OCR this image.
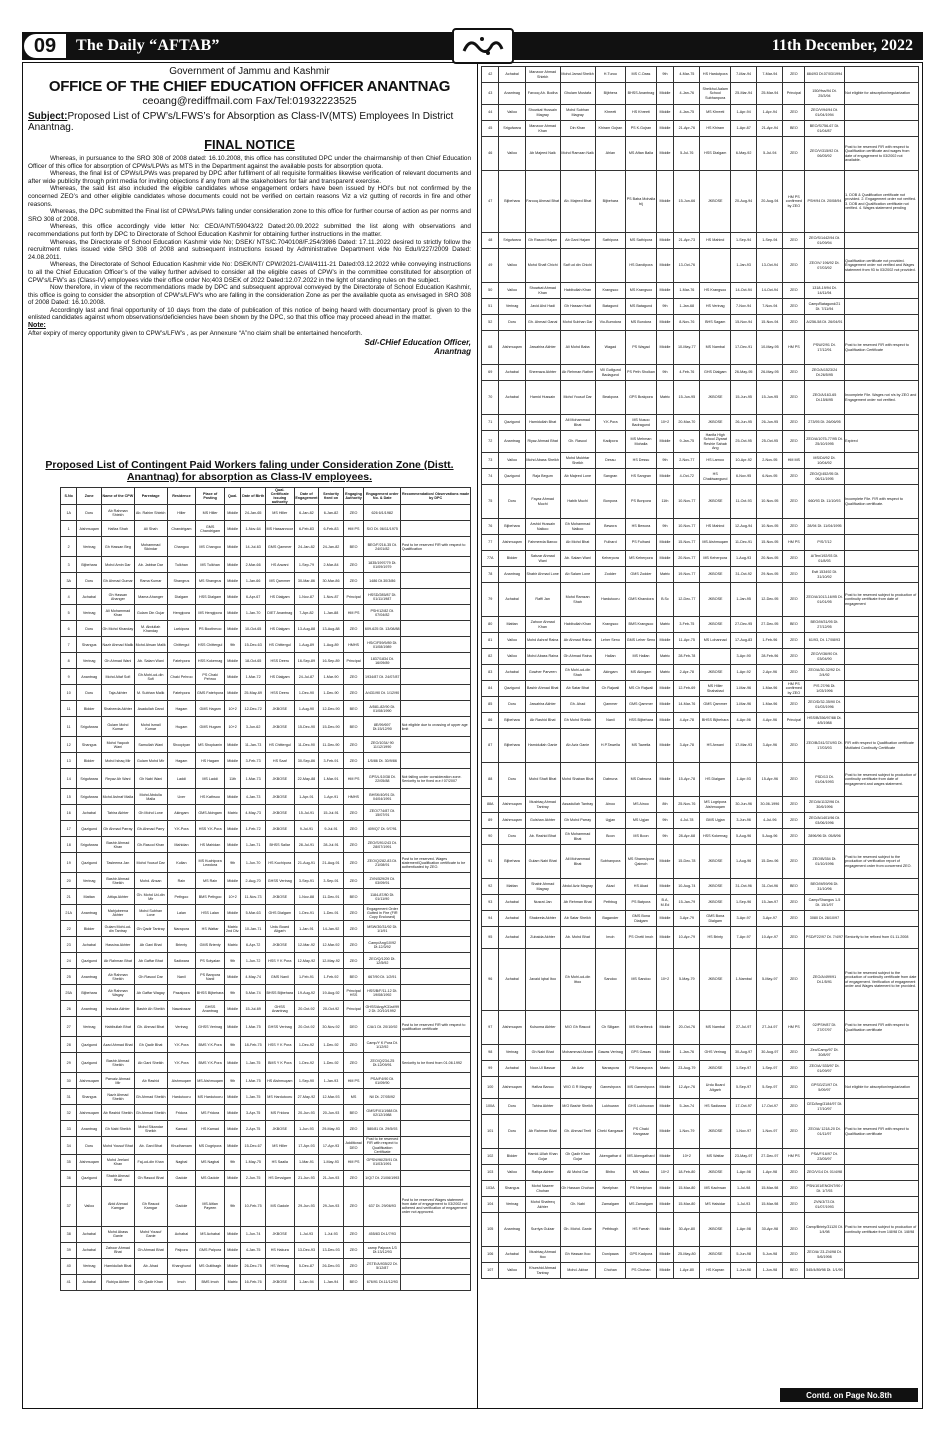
09	The Daily “AFTAB”	11th December, 2022
Government of Jammu and Kashmir
OFFICE OF THE CHIEF EDUCATION OFFICER ANANTNAG
ceoang@rediffmail.com Fax/Tel:01932223525
Subject:Proposed List of CPW’s/LFWS’s for Absorption as Class-IV(MTS) Employees In District Anantnag.
FINAL NOTICE
Whereas, in pursuance to the SRO 308 of 2008 dated: 16.10.2008, this office has constituted DPC under the chairmanship of then Chief Education Officer of this office for absorption of CPWs/LPWs as MTS in the Department against the available posts for absorption quota.
Whereas, the final list of CPWs/LPWs was prepared by DPC after fulfilment of all requisite formalities likewise verification of relevant documents and after wide publicity through print media for inviting objections if any from all the stakeholders for fair and transparent exercise.
Whereas, the said list also included the eligible candidates whose engagement orders have been issued by HOI’s but not confirmed by the concerned ZEO’s and other eligible candidates whose documents could not be verified on certain reasons Viz a viz gutting of records in fire and other reasons.
Whereas, the DPC submitted the Final list of CPWs/LPWs falling under consideration zone to this office for further course of action as per norms and SRO 308 of 2008.
Whereas, this office accordingly vide letter No: CEO/A/NT/59043/22 Dated:20.09.2022 submitted the list along with observations and recommendations put forth by DPC to Directorate of School Education Kashmir for obtaining further instructions in the matter.
Whereas, the Directorate of School Education Kashmir vide No; DSEK/ NTS/C.7040108/F.254/3986 Dated: 17.11.2022 desired to strictly follow the recruitment rules issued vide SRO 308 of 2008 and subsequent instructions issued by Administrative Department vide No Edu/I/227/2009 Dated: 24.08.2011.
Whereas, the Directorate of School Education Kashmir vide No: DSEK/NT/ CPW/2021-C/All/4111-21 Dated:03.12.2022 while conveying instructions to all the Chief Education Officer’s of the valley further advised to consider all the eligible cases of CPW’s in the committee constituted for absorption of CPW’s/LFW’s as (Class-IV) employees vide their office order No;403 DSEK of 2022 Dated:12.07.2022 in the light of standing rules on the subject.
Now therefore, in view of the recommendations made by DPC and subsequent approval conveyed by the Directorate of School Education Kashmir, this office is going to consider the absorption of CPW’s/LFW’s who are falling in the consideration Zone as per the available quota as envisaged in SRO 308 of 2008 Dated: 16.10.2008.
Accordingly last and final opportunity of 10 days from the date of publication of this notice of being heard with documentary proof is given to the enlisted candidates against whom observations/deficiencies have been shown by the DPC, so that this office may proceed ahead in the matter.
Note:
After expiry of mercy opportunity given to CPW’s/LFW’s , as per Annexure “A”no claim shall be entertained henceforth.
Sd/-CHief Education Officer,
Anantnag
Proposed List of Contingent Paid Workers faling under Consideration Zone (Distt. Anantnag) for absorption as Class-IV employees.
S.No	Zone	Name of the CPW	Parentage	Residence	Place of Posting	Qual.	Date of Birth	Qual. Certificate issuing authority	Date of Engagement	Seniority fixed on	Engaging Authority	Engagement order No. & Date	Recommendation/ Observations made by DPC
1A	Doru	Ab Rahman Shiekh	Ab. Rahim Shiekh	Hiller	MS Hiller	Middle	24-Jan-65	MS Hiller	6-Jan-82	6-Jan-82	ZEO	626 6/1/1982	
1	Aishmuqam	Hafiza Shah	Ali Shah	Chandrigam	GMS Chandrigam	Middle	1-Nov-64	MS Hassannoor	6-Feb-83	6-Feb-83	HM PS	S/O Dt. 06/11/1975	
2	Verinag	Gh Hassan Beg	Mohammad Sikindar	Changoo	MS Changoo	Middle	14-Jul-63	GMS Qammer	24-Jan-82	24-Jan-82	BEO	BEO/F/216-35 Dt. 24/01/82	Post to be reserved FIR with respect to Qualification
3	Bijbehara	Mohd Amin Dar	Ab. Jabbar Dar	Tulkhan	MS Tulkhan	Middle	2-Mar-66	HS Arwani	1-Sep-79	2-Mar-84	ZEO	1835/1997/79 Dt. 01/09/1979	
3A	Doru	Gh Ahmad Gumar	Rama Kumar	Shangrus	MS Shangrus	Middle	1-Jan-66	MS Qammer	30-Mar-86	30-Mar-86	ZEO	1486 Dt.30/3/86	
4	Achabal	Gh Hassan Ahanger	Mama Ahanger	Dialgam	HSS Dialgam	Middle	6-Apr-67	HS Dialgam	1-Nov-87	1-Nov-87	Principal	HSSD/285/87 Dt. 01/11/1987	
5	Verinag	Ali Mohammad Khan	Gulam Din Gujar	Hengipora	MS Hengipora	Middle	1-Jan-70	DIET Anantnag	7-Apr-82	1-Jan-88	HM PS	PSH/12/82 Dt. 07/04/82	
6	Doru	Gh Mohd Khanday	M. Abdullah Khanday	Larkipora	PS Boothmoo	Middle	10-Oct-65	HS Dialgam	13-Aug-88	13-Aug-88	ZEO	609-625 Dt. 13/08/88	
7	Shangus	Nazir Ahmad Malik	Mohd Ahsan Malik	Chittergul	HSS Chittergul	9th	15-Dec-63	HS Chittergul	1-Aug-89	1-Aug-89	HMHS	HS/C/F59/9/89 Dt. 01/08/1989	
8	Verinag	Gh Ahmad Wani	Ab. Salam Wani	Fatehpora	HSS Kokernag	Middle	18-Oct-65	HSS Deeru	16-Sep-89	16-Sep-89	Principal	1837/1834 Dt. 16/09/89	
9	Anantnag	Mohd Altaf Sofi	Gh.Mohi-ud-din Sofi	Chaki Pehroo	PS Chaki Pehroo	Middle	1-Mar-72	HS Dialgam	24-Jul-87	1-Mar-90	ZEO	1934/87 Dt. 24/07/87	
10	Doru	Taja Akhter	M. Subhan Malik	Fatehpora	GMS Fatehpora	Middle	25-May-69	HSS Deeru	1-Dec-90	1-Dec-90	ZEO	A/431/90 Dt. 1/12/90	
11	Bidder	Shaheeda Akhter	Asadullah Dand	Hagam	GMS Hagam	10+2	12-Dec-72	JKBOSE	1-Aug-90	12-Dec-90	BEO	A/581-82/90 Dt. 01/08/1990	
11	Srigufwara	Gulam Mohd Kumar	Mohd Ismail Kumar	Hugam	GMS Hugam	10+2	3-Jun-62	JKBOSE	15-Dec-90	15-Dec-90	BEO	8E/99/697 Dt.15/12/90	Not eligible due to crossing of upper age limit
12	Shangus	Mohd Yaqoob Wani	Samullah Wani	Shoopiyan	MS Shopkanin	Middle	11-Jan-73	HS Chittergul	11-Dec-90	11-Dec-90	ZEO	ZEO/1034/ 90 11/12/1990	
13	Bidder	Mohd Ishaq Mir	Gulam Mohd Mir	Hagam	HS Hagam	Middle	3-Feb-73	HS Saaf	30-Sep-86	3-Feb-91	ZEO	1/5/86 Dt. 30/9/86	
14	Srigufwara	Reyaz Ah Wani	Gh Nabi Wani	Laddi	MS Laddi	11th	1-Mar-73	JKBOSE	22-May-88	1-Mar-91	HM PS	GPS/L/10/38 Dt. 22/05/88	Not falling under consideration zone. Seniority to be fixed w.e.f 07/2007
15	Srigufwara	Mohd Ashraf Malla	Mohd Abdulla Malla	Uver	HS Kathsoo	Middle	4-Jan-73	JKBOSE	1-Apr-91	1-Apr-91	HMHS	BHSK/40/91 Dt. 04/04/1991	
16	Achabal	Tahira Akhter	Gh Mohd Lone	Akingam	GMS Akingam	Matric	4-May-73	JKBOSE	15-Jul-91	15-Jul-91	ZEO	ZEO/774/87 Dt. 15/07/91	
17	Qazigund	Gh Ahmad Parray	Gh.Ahmad Parry	Y.K.Pora	HSS Y.K.Pora	Middle	1-Feb-72	JKBOSE	9-Jul-91	9-Jul-91	ZEO	409/Q7 Dt. 9/7/91	
18	Srigufwara	Bashir Ahmad Khan	Gh.Rasool Khan	Mahidan	HS Mahidan	Middle	1-Jan-71	BHSS Sallar	28-Jul-91	28-Jul-91	ZEO	ZEO/S/91/243 Dt. 28/07/1991	
19	Qazigund	Tasleema Jan	Mohd Yousuf Dar	Kullan	MS Kuchipora Lewdora	9th	1-Jun-70	HS Kuchipora	21-Aug-91	21-Aug-91	ZEO	ZEO/Q/282-83 Dt. 21/08/91	Post to be reserved. Wages statement/Qualification certificate to be authenticated by ZEO.
20	Verinag	Bashir Ahmad Sheikh	Mohd. Ahsan	Rain	MS Rain	Middle	2-Aug-70	GHSS Verinag	3-Sep-91	3-Sep-91	ZEO	ZVN/529/29 Dt. 03/09/91	
21	Mattan	Attiqa Akhter	Gh. Mohd Ud-din Mir	Pethgoo	BMS Pethgoo	10+2	11-Nov-73	JKBOSE	1-Nov-88	11-Dec-91	BEO	1184-87/80 Dt. 01/11/90	
21A	Anantnag	Mahjubeena Akhter	Mohd Subhan Lone	Lalan	HSS Lalan	Middle	5-Mar-63	GHS Dialgam	1-Dec-91	1-Dec-91	ZEO	Engagement Order Gutted in Fire (FIR Copy Enclosed)	
22	Bidder	Gulam Mohi-ud-din Tantray	Gh Qadir Tantray	Narapora	HS Wattar	Matric 2nd Div.	10-Jan-71	Urdu Board Aligarh	1-Jan-91	14-Jan-92	ZEO	MSW/30/31/92 Dt. 1/1/91	
23	Achabal	Hassina Akhter	Ab Gani Bhat	Brienty	GMS Brienty	Matric	6-Apr-72	JKBOSE	12-Mar-92	12-Mar-92	ZEO	Camp/Ang/10/92 Dt.12/3/92	
24	Qazigund	Ab Rahman Bhat	Ab Gaffar Bhat	Sadiwara	PS Sotyalan	9th	1-Jun-72	HSS Y K Pora	12-May-92	12-May-92	ZEO	ZEO/Q/1200 Dt. 12/5/92	
25	Anantnag	Ab Rahman Sheikh	Gh Rasool Dar	Nanil	PS Banpora Nanil	Middle	4-May-74	GMS Nanil	1-Feb-91	1-Feb-92	BEO	667/90 Dt. 1/2/91	
25A	Bijbehara	Ab Rahman Wagay	Ab Gaffar Wagay	Pazalpora	BHSS Bijbehara	9th	5-Mar-74	BHSS Bijbehara	19-Aug-92	19-Aug-92	Principal HSS	HSS/B/F/11-12 Dt. 19/08/1992	
26	Anantnag	Irshada Akhter	Bashir Ah Sheikh	Nawabazar	GHSS Anantnag	Middle	15-Jul-69	GHSS Anantnag	20-Oct-92	20-Oct-92	Principal	GHSS/Ang/K31st/99 2 Dt. 20/10/1992	
27	Verinag	Habibullah Bhat	Gh. Ahmad Bhat	Verinag	GHSS Verinag	Middle	1-Mar-75	GHSS Verinag	20-Oct-92	30-Nov-92	DEO	C/A/1 Dt. 20/10/92	Post to be reserved FIR with respect to qualification certificate
28	Qazigund	Azad Ahmad Bhat	Gh Qadir Bhat	Y.K.Pora	BMS Y.K.Pora	9th	18-Feb-75	HSS Y K Pora	1-Dec-92	1-Dec-92	ZEO	Camp/Y K Pora Dt. 1/12/92	
29	Qazigund	Bashir Ahmad Sheikh	Ab Gani Sheikh	Y.K.Pora	BMS Y.K.Pora	Middle	1-Jan-75	BMS Y K Pora	1-Dec-92	1-Dec-92	ZEO	ZEO/Q/234-25 Dt.12/09/91	Seniority to be fixed from 01.06.1992
30	Aishmuqam	Parvaiz Ahmad Mir	Ab Rashid	Aishmuqam	MS Aishmuqam	9th	1-Mar-75	HS Aishmuqam	1-Sep-90	1-Jan-93	HM PS	PSA/F4/90 Dt. 01/09/90	
31	Shangus	Nazir Ahmad Sheikh	Gh Ahmad Sheikh	Hardutooru	MS Hardutooru	Middle	1-Jan-75	MS Hardutooru	27-May-92	12-Mar-93	MS	Nil Dt. 27/05/92	
32	Aishmuqam	Ab Rashid Sheikh	Gh Ahmad Sheikh	Fridora	MS Fridora	Middle	3-Apr-75	MS Fridora	20-Jun-93	20-Jun-93	BEO	GMS/F/01/1988 Dt. 02/12/1988	
33	Anantnag	Gh Nabi Sheikh	Mohd Sikandar Sheikh	Kamad	HS Kamad	Middle	2-Apr-75	JKBOSE	1-Jun-93	29-May-93	ZEO	580/81 Dt. 29/5/93	
34	Doru	Mohd Yousuf Bhat	Ab. Gani Bhat	Khudhamam	MS Dogripora	Middle	15-Dec-67	MS Hiller	17-Apr-93	17-Apr-93	Additional DEO	Post to be reserved FIR with respect to Qualification Certificate	
35	Aishmuqam	Mohd Jeelani Khan	Faj-ud-din Khan	Nagbal	MS Nagbal	9th	1-May-75	HS Saaila	1-Mar-91	1-May-93	HM PS	GPSN/96/25/91 Dt. 01/03/1991	
36	Qazigund	Shabir Ahmad Bhat	Gh Rasool Bhat	Gadole	MS Gadole	Middle	2-Jun-75	HS Devsigam	21-Jun-93	21-Jun-93	ZEO	1/Q/7 Dt. 21/06/1993	
37	Vailoo	Abid Ahmad Kamgar	Gh Rasool Kamgar	Gadole	MS Aitlan Payeen	9th	10-Feb-75	MS Gadole	29-Jun-93	29-Jun-93	ZEO	637 Dt. 29/06/93	Post to be reserved Wages statement from date of engagement to 03/2002 not adhered and verification of engagement order not approved.
38	Achabal	Mohd Abass Ganie	Mohd Yousuf Ganie	Achabal	MS Achabal	Middle	1-Jun-74	JKBOSE	1-Jul-93	1-Jul-93	ZEO	455/83 Dt.1/7/93	
39	Achabal	Zahoor Ahmad Bhat	Gh Ahmad Bhat	Palpora	GMS Palpora	Middle	4-Jan-75	HS Hakura	13-Dec-93	13-Dec-93	ZEO	camp Palpora 1/3 Dt.13/12/93	
40	Verinag	Hamidullah Bhat	Ab. Ahad	Khanghund	MS Gutlibagh	Middle	26-Dec-75	HS Verinag	5-Dec-87	26-Dec-93	ZEO	ZSTE/A/935/22 Dt. 5/12/87	
41	Achabal	Rubiya Akhter	Gh Qadir Khan	Imoh	BMS Imoh	Matric	16-Feb-76	JKBOSE	1-Jan-94	1-Jan-94	BEO	676/91 Dt.11/12/93	
42	Achabal	Manzoor Ahmad Shiekh	Mohd Jamal Sheikh	H.Turoo	MS C.Oass	9th	4-Mar-75	HS Hardutpora	7-Mar-94	7-Mar-94	ZEO	884/93 Dt.07/03/1994	
43	Anantnag	Farooq Ah. Bodha	Ghulam Mustafa	Bijbhera	BHSS Anantnag	Middle	4-Jan-76	Sheikhul Aalam School Subhanpora	25-Mar-94	25-Mar-94	Principal	150/Hss/94 Dt. 25/3/94	Not eligible for absorption/regularization
44	Vailoo	Showkat Hussain Magray	Mohd Subhan Magray	Khreeti	HS Khreeti	Middle	4-Jan-75	MS Khreeti	1-Apr-94	1-Apr-94	ZEO	ZEO/V/94/94 Dt. 01/04/1994	
45	Srigufwara	Manzoor Ahmad Khan	Din Khan	Khiram Gojran	PS K.Gojran	Middle	21-Apr-76	HS Khiram	1-Apr-87	21-Apr-94	BEO	BEO/S/756-67 Dt. 01/04/87	
46	Vailoo	Ab Majeed Naik	Mohd Ramzan Naik	Ahlan	MS Aftan Balla	Middle	5-Jul-76	HSS Dialgam	6-May-92	5-Jul-94	ZEO	ZEO/V/315/92 Dt. 06/05/92	Post to be reserved FIR with respect to Qualification certificate and wages from date of engagement to 03/2002 not available.
47	Bijbehara	Farooq Ahmad Bhat	Ab. Majeed Bhat	Bijbehara	PS Baba Mohalla bij	Middle	15-Jun-66	JKBOSE	20-Aug-94	20-Aug-94	HM PS confirmed by ZEO	PSH/94 Dt. 20/08/94	1. DOB & Qualification certificate not provided. 2. Engagement order not verified. 3. DOB and Qualification certificate not verified. 4. Wages statement pending
48	Srigufwara	Gh Rasool Hajam	Ab Gani Hajam	Sathipora	MS Sathipora	Middle	21-Apr-73	HS Mahind	1-Sep-94	1-Sep-94	ZEO	ZEO/S/1442/94 Dt. 01/09/94	
49	Vailoo	Mohd Shafi Chichi	Saif ud din Chichi		HS Dandipora	Middle	13-Oct-76		1-Jan-93	13-Oct-94	ZEO	ZEO/V/ 196/92 Dt. 07/03/92	Qualification certificate not provided. Engagement order not verified and Wages statement from 93 to 03/2002 not provided.
50	Vailoo	Showkat Ahmad Khan	Habibullah Khan	Krangsoo	MS Krangsoo	Middle	1-Mar-76	HS Krangsoo	14-Oct-94	14-Oct-94	ZEO	1318-19/94 Dt. 14/11/94	
51	Verinag	Javid Ahd Hadi	Gh Hassan Hadi	Batagund	MS Batagund	9th	1-Jan-68	HS Verinag	7-Nov-94	7-Nov-94	ZEO	Camp/Batagund/21 Dt. 7/11/94	
52	Doru	Gh. Ahmad Ganai	Mohd Subhan Dar	Vio-Bumdora	MS Bundora	Middle	8-Nov-76	BHS Sagam	15-Nov-94	15-Nov-94	ZEO	A/256-58 Dt. 26/04/91	
68	Aishmuqam	Jawahira Akhter	Ali Mohd Baba	Wagad	PS Wagad	Middle	10-May-77	MS Nambal	17-Dec-91	10-May-95	HM PS	PSW/2/91 Dt. 17/12/91	Post to be reserved FIR with respect to Qualification Certificate
69	Achabal	Sheeraza Akhter	Ab Rehman Rather	Vill Gutlgund Badagund	PS Peth Sholkan	9th	4-Feb-76	GHS Dialgam	26-May-95	26-May-95	ZEO	ZEO/A/1523/24 Dt.26/5/95	
70	Achabal	Hamid Hussain	Mohd Yousuf Dar	Beakpora	GPS Brakpora	Matric	15-Jun-95	JKBOSE	15-Jun-95	15-Jun-95	ZEO	ZEO/A/163-65 Dt.15/6/95	Incomplete File. Wages not n/s by ZEO and Engagement order not verified.
71	Qazigund	Hamidullah Bhat	Ali Mohammad Bhat	Y.K.Pora	MS Nusoo Badragund	10+2	20-Mar-70	JKBOSE	26-Jun-95	26-Jun-95	ZEO	273/95 Dt. 26/06/95	
72	Anantnag	Riyaz Ahmad Bhat	Gh. Rasool	Kadipora	MS Mehman Mohalla	Middle	9-Jan-75	Hanfia High School Ziyarat Reshie Sahab Ang	25-Oct-95	25-Oct-95	ZEO	ZEO/A/1075-77/95 Dt. 25/10/1995	Expired
73	Vailoo	Mohd Abass Sheikh	Mohd Mukhtar Sheikh	Dessu	HS Dessu	9th	2-Nov-77	HS Larnoo	10-Apr-92	2-Nov-95	HM MS	MS/D4/92 Dt. 10/04/92	
74	Qazigund	Raja Begum	Ab Majeed Lone	Sangran	HS Sangran	Middle	4-Oct-72	HS Chakiwangund	6-Nov-95	6-Nov-95	ZEO	ZEO/Q/452/95 Dt. 06/11/1995	
75	Doru	Fayaz Ahmad Muchi	Habib Muchi	Bonpora	PS Bonpora	11th	10-Nov-77	JKBOSE	11-Oct-93	10-Nov-95	ZEO	660/93 Dt. 11/10/93	Incomplete File. FIR with respect to Qualification certificate.
76	Bijbehara	Arshid Hussain Naikoo	Gh Mohammad Naikoo	Bewora	HS Bewora	9th	10-Nov-77	HS Mahind	12-Aug-94	10-Nov-95	ZEO	28/94 Dt. 11/04/1995	
77	Aishmuqam	Fahmeeda Banoo	Ab Mohd Bhat	Fulhard	PS Fulhard	Middle	15-Nov-77	MS Aishmuqam	11-Dec-91	15-Nov-95	HM PS	P/S/7/12	
77A	Bidder	Sabzar Ahmad Wani	Ab. Salam Wani	Keherpora	MS Keherpora	Middle	20-Nov-77	MS Keherpora	1-Aug-93	20-Nov-95	ZEO	A/Ten/192/93 Dt. 01/8/93	
78	Anantnag	Shabir Ahmad Lone	Ab Salam Lone	Zodder	GMS Zodder	Matric	19-Nov-77	JKBOSE	31-Oct-92	29-Nov-95	ZEO	Estt 153492 Dt. 31/10/92	
79	Achabal	Raffi Jan	Mohd Ramzan Shah	Hardutooru	GMS Khandora	B.Sc	12-Dec-77	JKBOSE	1-Jan-95	12-Dec-95	ZEO	ZEO/A/1013-16/95 Dt. 01/01/95	Post to be reserved subject to production of continuity certificate from date of engagement
80	Mattan	Zahoor Ahmad Khan	Habibullah Khan	Krangsoo	BMS Krangsoo	Matric	3-Feb-75	JKBOSE	27-Dec-95	27-Dec-95	BEO	BEO/M/31/95 Dt. 27/12/95	
81	Vailoo	Mohd Ashraf Raina	Ab Ahmad Raina	Leher Seno	GMS Leher Seno	Middle	11-Apr-75	MS Lohannad	17-Aug-83	1-Feb-96	ZEO	61/93, Dt. 17/08/93	
82	Vailoo	Mohd Abass Raina	Gh Ahmad Raina	Hallan	MS Hallan	Matric	28-Feb-78		3-Apr-90	28-Feb-96	ZEO	ZEO/V/36/90 Dt. 03/04/90	
83	Achabal	Gowher Parveen	Gh Mohi-ud-din Shah	Akingam	MS Akingam	Matric	2-Apr-78	JKBOSE	1-Apr-92	2-Apr-96	ZEO	ZEO/A/30-32/92 Dt. 2/4/92	
84	Qazigund	Bashir Ahmad Bhat	Ab Satar Bhat	Ch Rajwali	MS Ch Rajwali	Middle	12-Feb-69	MS Hiller Shahabad	1-Mar-96	1-Mar-96	HM PS confirmed by ZEO	P/S 27/96 Dt. 1/03/1996	
85	Doru	Jawahira Akhter	Gh. Ahad	Qammer	GMS Qammer	Middle	14-Mar-76	GMS Qammer	1-Mar-96	1-Mar-96	ZEO	ZEO/D/32-35/90 Dt. 01/03/1996	
86	Bijbehara	Ab Rashid Bhat	Gh Mohd Sheikh	Nanil	HSS Bijbehara	Middle	4-Apr-78	BHSS Bijbehara	4-Apr-96	4-Apr-96	Principal	HSS/B/356/97/88 Dt. 4/5/1988	
87	Bijbehara	Hamidullah Ganie	Ab Aziz Ganie	H.P.Tawella	MS Tawella	Middle	3-Apr-78	HS Arwani	17-Mar-93	3-Apr-96	ZEO	ZEO/B/241/374/93 Dt. 17/03/93	FIR with respect to Qualification certificate Mutilated Continuity Certificate
88	Doru	Mohd Shafi Bhat	Mohd Shaban Bhat	Dabruna	MS Dabruna	Middle	15-Apr-78	HS Dialgam	1-Apr-93	15-Apr-96	ZEO	PSD/13 Dt. 01/04/1993	Post to be reserved subject to production of continuity certificate from date of engagement and wages statement.
88A	Aishmuqam	Mushtaq Ahmad Tantray	Assadullah Tantray	Ainoo	MS Ainoo	8th	25-Nov-76	MS Logripora Aishmuqam	30-Jun-96	30-06-1996	ZEO	ZEO/A/1132/96 Dt. 30/6/1996	
89	Aishmuqam	Gulshan Akhter	Gh Mohd Parray	Ugjan	MS Ugjan	9th	4-Jul-78	GMS Ugjan	3-Jun-96	4-Jul-96	ZEO	ZEO/A/1401/96 Dt. 03/06/1996	
90	Doru	Ab. Rashid Bhat	Gh Mohammad Bhat	Boon	MS Boon	9th	28-Apr-68	HSS Kokernag	5-Aug-96	5-Aug-96	ZEO	2896/96 Dt. 05/8/96	
91	Bijbehara	Gulam Nabi Bhat	Ali Mohammad Bhat	Subhanpora	MS Shamsipora Qaimoh	Middle	15-Dec-78	JKBOSE	1-Aug-96	15-Dec-96	ZEO	ZEO/B/354 Dt. 01/10/1996	Post to be reserved subject to the production of verification report of engagement order from concerned ZEO.
92	Mattan	Shabir Ahmad Magray	Abdul Aziz Magray	Akad	HS Akad	Middle	10-Aug-74	JKBOSE	31-Oct-96	31-Oct-96	BEO	BEO/M/59/96 Dt. 31/10/96	
93	Achabal	Nusrat Jan	Ab Rehman Bhat	Pethbug	PS Batpora	B.A, M.Ed	15-Jan-79	JKBOSE	1-Sep-96	15-Jan-97	ZEO	Camp/Shangus 1-5 Dt. 15/1/97	
94	Achabal	Shakeela Akhter	Ab Satar Sheikh	Bagander	GMS Bona Dialgam	Middle	3-Apr-79	GMS Bona Dialgam	3-Apr-97	3-Apr-97	ZEO	3080 Dt. 28/10/97	
95	Achabal	Zubaida Akhter	Ab. Mohd Bhat	Imoh	PS Chetil Imoh	Middle	10-Apr-79	HS Brinty	7-Apr-97	10-Apr-97	ZEO	PSD/F22/97 Dt. 7/4/97	Seniority to be refixed from 01.11.2008
96	Achabal	Javaid Iqbal Itoo	Gh Mohi-ud-din Ittoo	Sandoo	MS Sandoo	10+2	5-May-79	JKBOSE	1-Nambal	5-May-97	ZEO	ZEO/A/499/91 Dt.1/5/91	Post to be reserved subject to the production of continuity certificate from date of engagement. Verification of engagement order and Wages statement to be provided.
97	Aishmuqam	Kulsoma Akhter	M/O Gh Rasool	Ch Siligam	MS Khartheck	Middle	20-Oct-76	MS Nambal	27-Jul-97	27-Jul-97	HM PS	02/PSH/87 Dt. 27/07/97	Post to be reserved FIR with respect to Qualification certificate
98	Verinag	Gh Nabi Bhat	Mohammad Akram	Gawas Verinag	GPS Gawas	Middle	1-Jan-76	GHS Verinag	30-Aug-97	30-Aug-97	ZEO	Zeo/Camp/97 Dt. 30/8/97	
99	Achabal	Noor-Ul Bassar	Ab Aziz	Naraspora	PS Naraspora	Matric	23-Aug-79	JKBOSE	1-Sep-97	1-Sep-97	ZEO	ZEO/A/ 535/97 Dt. 01/09/97	
100	Aishmuqam	Hafiza Banoo	W/O G R Magray	Ganeshpora	MS Ganeshpora	Middle	12-Apr-76	Urdu Board Aligarh	5-Sep-97	5-Sep-97	ZEO	GPSG/Z1/97 Dt. 5/09/97	Not eligible for absorption/regularization
100A	Doru	Tahira Akhter	M/O Bashir Sheikh	Lukhuwan	GHS Lukhuwan	Middle	5-Jan-74	HS Sadiwara	17-Oct-97	17-Oct-97	ZEO	CED/Ang/3184/97 Dt. 17/10/97	
101	Doru	Ab Rahman Bhat	Gh. Ahmad Teeli	Cheki Kangasar	PS Chaki Kangasar	Middle	1-Nov-79	JKBOSE	1-Nov-97	1-Nov-97	ZEO	ZEO/A/ 1218-20 Dt. 01/11/97	Post to be reserved FIR with respect to Qualification certificate
102	Bidder	Hamid-Ullah Khan Gojar	Gh Qadir Khan Gojar	Akengathar d	MS Akengathard	Middle	10+2	MS Wattar	23-May-97	27-Dec-97	HM PS	PSA/F/16/97 Dt. 23/05/97	
103	Vailoo	Rafiqa Akhter	Ali Mohd Dar	Bhibo	MS Vailoo	10+2	18-Feb-80	JKBOSE	1-Apr-98	1-Apr-98	ZEO	ZEO/V/14 Dt. 01/4/98	
103A	Shangus	Mohd Nazeer Chohan	Gh Hassan Chohan	Neelphan	PS Neelphan	Middle	15-Mar-80	MS Kachwan	1-Jul-98	15-Mar-98	ZEO	PSN/101/ENGNT/90 / Dt. 1/7/93	
104	Verinag	Mohd Shafeeq Akhter	Gh. Nabi	Zamalgam	MS Zamalgam	Middle	15-Mar-80	MS Halsidar	1-Jul-93	15-Mar-98	ZEO	ZVN/3/73 Dt. 01/07/1993	
105	Anantnag	Surriya Gulzar	Gh. Mohd. Ganie	Pethbugh	HS Farrah	Middle	30-Apr-80	JKBOSE	1-Apr-98	30-Apr-98	ZEO	Camp/Brinty/31120 Dt. 1/4/98	Post to be reserved subject to production of continuity certificate from 1/8/98 Dt. 1/8/98
106	Achabal	Mushtaq Ahmad Itoo	Gh Hassan Itoo	Donipawa	GPS Kadpora	Middle	25-May-80	JKBOSE	5-Jun-98	5-Jun-98	ZEO	ZEO/A/ 23-Z/4/98 Dt. 5/6/1998	
107	Vailoo	Khurshid Ahmad Tantray	Mohd. Akbar	Chohan	PS Chohan	Middle	1-Apr-80	HS Kapran	1-Jun-98	1-Jun-98	BEO	545/4/89/98 Dt. 1/1/90	
Contd. on Page No.8th
